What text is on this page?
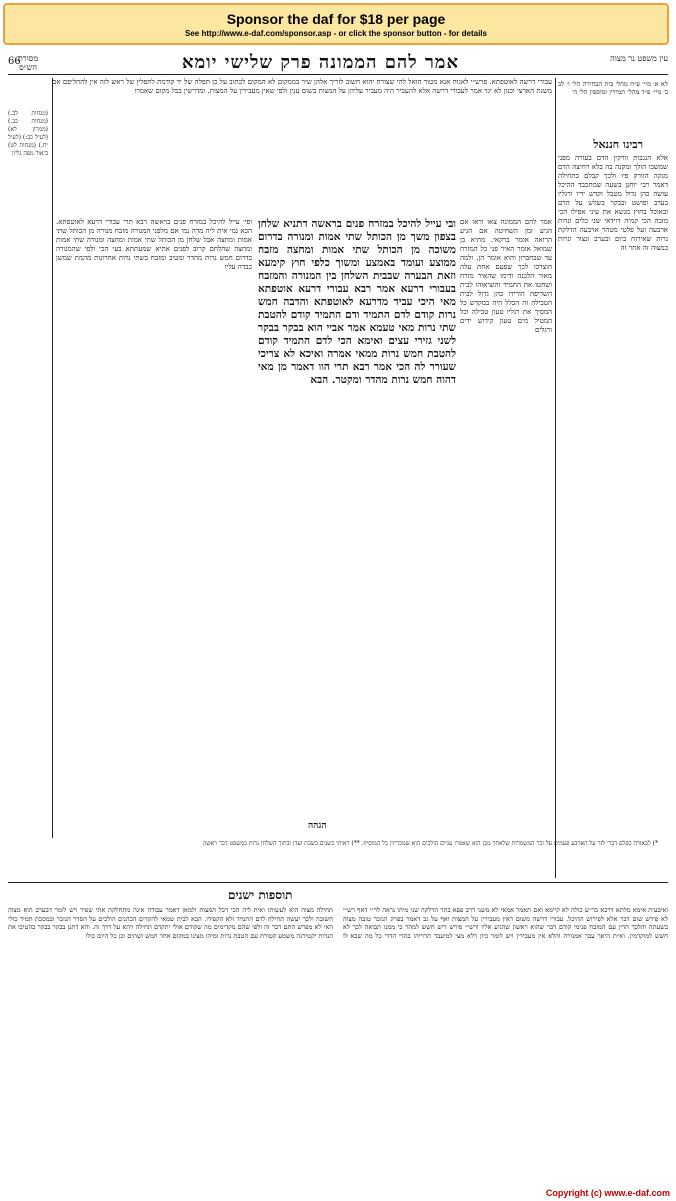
Sponsor the daf for $18 per page
See http://www.e-daf.com/sponsor.asp - or click the sponsor button - for details
66	אמר להם הממונה פרק שלישי יומא	עין משפט נר מצוה
מסורת הש״ס

לא א׳ מיי׳ פ״ח מהל׳ בית הבחירה הל׳ ו׳ לב ב׳ מיי׳ פ״ד מהל׳ תמידין ומוספין הל׳ ה׳

רבינו חננאל

אלא הנגבות זורקין הדם בעזרה מפני שמשכו הולך ומקנה בה בלא רחיצה הדם מנקה הזורק פיו ולכך קבלם בתחילה דאמר רבי יוחנן בשעה שמתכבד ההיכל עושה כהן גדול מטבל וקדש ידיו ורגליו בערב ופושט ובבקר בשלש על הדם ובאוכל בחוץ מנשא את עיני אפילו הכי מזכה הכי קמיה דוידאי שני כלים ונרות ארבעה ועל פלטי מטהר ארבעה הדלקת נרות שאירוח ביום ובערב ונצור ונרות כמצוה זה אחר זה

עבורי דרשה לאוטפתא. פרש״י לאגוח אנא מטור הואל להי שצורח יהוא חשוב לזריך אלהן שיר בממקום לא המקום לכתוב על כן תפלה של יד קודמת לתפלין של ראש לזה אין להחליפם אם משנת הארצי וכנון לא יגד אמר לעבורי דרשה אלא להעביר היה מעביר עליהן על המצות בשום ענין ולפי שאין מעבירין על המצות. ומדרשין בכל מקום שאמרו

אמר להם הממונה צאו וראו אם הגיע זמן השחיטה אם הגיע הרואה אומר ברקאי. מתיא בן שמואל אומר האיר פני כל המזרח עד שבחברון והוא אומר הן. ולמה הוצרכו לכך שפעם אחת עלה מאור הלבנה ודימו שהאיר מזרח ושחטו את התמיד והוציאוהו לבית השריפה הורידו כהן גדול לבית הטבילה זה הכלל היה במקדש כל המסיך את רגליו טעון טבילה וכל המטיל מים טעון קידוש ידים ורגלים

ובי עייל להיכל במזרח פנים בראשה דתניא שלחן בצפון משך מן הכותל שתי אמות ומנורה בדרום משוכה מן הכותל שתי אמות ומחצה מזבח ממוצע ועומד באמצע ומשוך כלפי חוץ קימעא וזאת הבערה שבבית השלחן בין המנורה והמזבח בעבורי דרעא אמר רבא עבורי דרעא אוטפתא מאי היכי עביד מדרעא לאוטפתא והדבה חמש נרות קודם לדם התמיד ודם התמיד קודם להטבת שתי נרות מאי טעמא אמר אביי הוא בבקר בבקר לשני גזירי עצים ואימא הכי לדם התמיד קודם להטבת חמש נרות ממאי אמרה ואיכא לא צריכי שעורר לה הכי אמר רבא תרי הוו דאמר מן מאי דהוה חמש נרות מהדר ומקטר. הבא

ופי׳ עייל להיכל במזרח פנים בראשה רבא תרי עבורי דרעא לאוטפתא. הכא נמי אית ליה מדה נמי אם מלפני המנורה מזבח מנורה מן הכותל שתי אמות ומחצה אבל שלחן מן הכותל שתי אמות ומחצה ומנורה שתי אמות ומחצה שהלחם קרוב לפנים אתיא שמעתתא בעי הכי ולפי שהמנורה בדרום חמש נרות מהדר ומטיב ומזבח בשתי נרות אחרונות מהמת שמשן כבדה עליו

(מנחות לב.) (מנחות כב.) (ממרון לא) (לעיל כב:) (לעיל יח.) (מנחות לט) ביאור מפה גליון

הגהה

*) לכאורה כפלם דבר׳ לזר על הארבע פעמים על זכר המשמרות שלאחר מכן הוא שאמרו עניים הולכים הוא שמכריזין כל המוסיף. **) ראיתי כשנים בשבת ועדן ובתוך השלחן נרות כמשפט דבר ראשון

תוספות ישנים

ואיבעית אימא מלתא דרבא כר״ש כולה לא קיימא ואם תאמר אמאי לא משני דרב פפא בתר הדלקה שני מיהו נראה לר״י דאף רש״י לא פירש שום דבר אלא לפירוש ההיכל. עבורי דרשה משום דאין מעבירין על המצות ואף על גב דאמר בפרק הנזכר טובה מצוה בשעתה והלכך הדין עם המזבח פנימי קודם דבר שהוא ראשון שהגיע אליו ורש״י פירש דיש חשש למהר כי ממנו תבואה לכך לא חשש למוקדמין. וא״ת היאך עבר אמנורה והלא אין מעבירין ויש לומר כיון דלא מצי למיעבד תרוייהו בהדי הדדי כל מה שבא לו תחילה מצוה הוא לעשותו ואית ליה הכי דכל המצות ולמאן דאמר עבודה אינה מתחלקת אתי שפיר ויש לומר דבערב הוא מצוה חשובה ולכך יעשה תחילה לדם התמיד ולא הקפידו. הבא לבית שמאי להקדים הכהנים הולכים על הסדר הנזכר ובמסכת תמיד כולי האי לא מפרש התם דבר זה ולפי שהם מקדימים מה שקודם אולי יתקדם תחילה ויהא על דרך זה. והא דתנן בבקר בבקר בהטיבו את הנרות יקטירנה משמע קטורת עם הטבת נרות ומיהו מצינו במקום אחר חמש ושתים וכן כל היום כולו

Copyright (c) www.e-daf.com
